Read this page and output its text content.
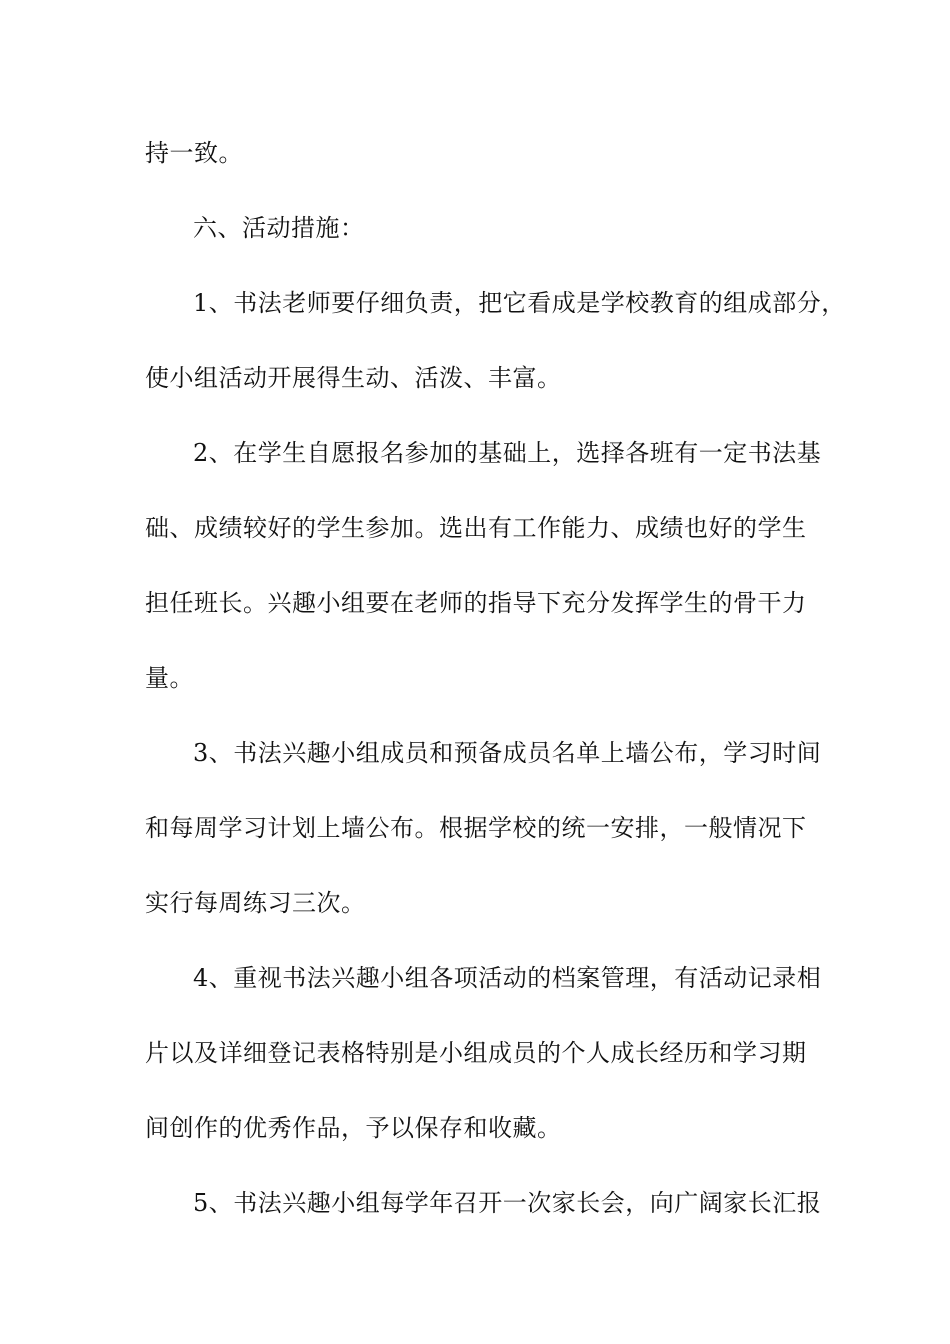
持一致。
六、活动措施：
1、书法老师要仔细负责，把它看成是学校教育的组成部分，
使小组活动开展得生动、活泼、丰富。
2、在学生自愿报名参加的基础上，选择各班有一定书法基
础、成绩较好的学生参加。选出有工作能力、成绩也好的学生
担任班长。兴趣小组要在老师的指导下充分发挥学生的骨干力
量。
3、书法兴趣小组成员和预备成员名单上墙公布，学习时间
和每周学习计划上墙公布。根据学校的统一安排，一般情况下
实行每周练习三次。
4、重视书法兴趣小组各项活动的档案管理，有活动记录相
片以及详细登记表格特别是小组成员的个人成长经历和学习期
间创作的优秀作品，予以保存和收藏。
5、书法兴趣小组每学年召开一次家长会，向广阔家长汇报
